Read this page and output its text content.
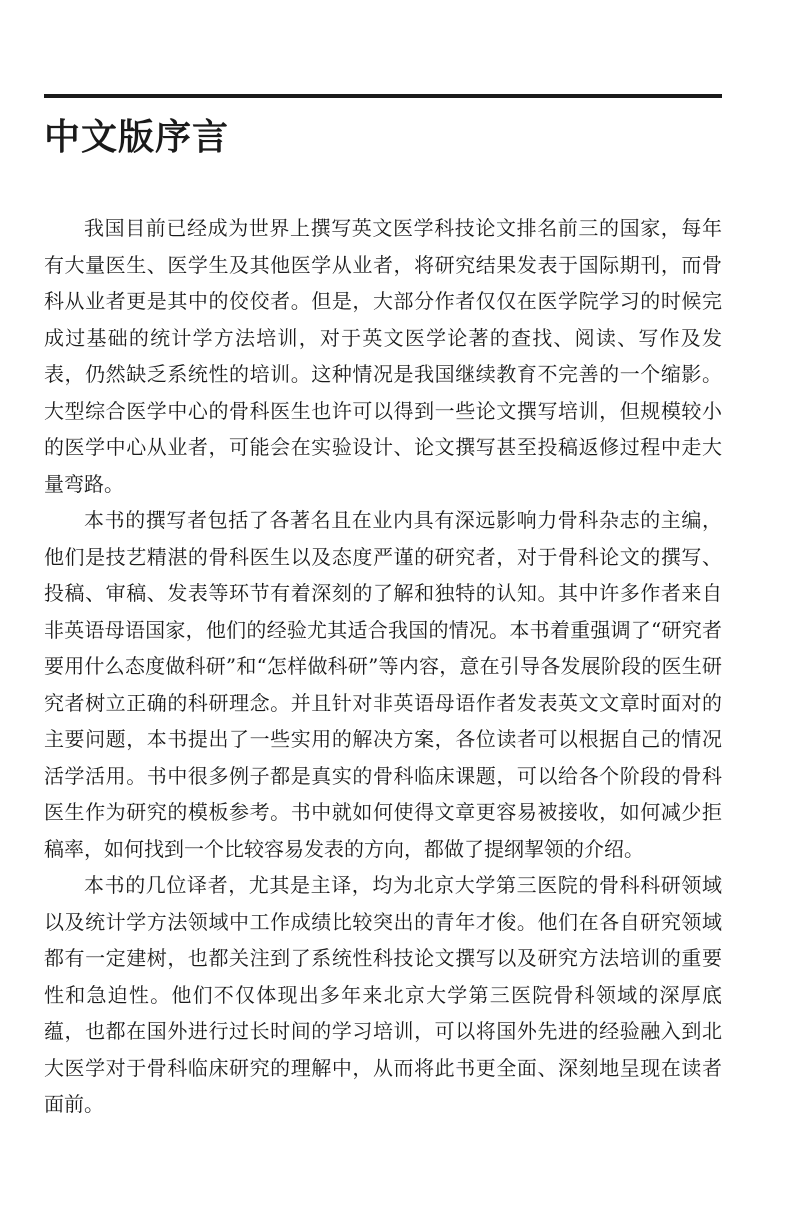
中文版序言

我国目前已经成为世界上撰写英文医学科技论文排名前三的国家，每年有大量医生、医学生及其他医学从业者，将研究结果发表于国际期刊，而骨科从业者更是其中的佼佼者。但是，大部分作者仅仅在医学院学习的时候完成过基础的统计学方法培训，对于英文医学论著的查找、阅读、写作及发表，仍然缺乏系统性的培训。这种情况是我国继续教育不完善的一个缩影。大型综合医学中心的骨科医生也许可以得到一些论文撰写培训，但规模较小的医学中心从业者，可能会在实验设计、论文撰写甚至投稿返修过程中走大量弯路。

本书的撰写者包括了各著名且在业内具有深远影响力骨科杂志的主编，他们是技艺精湛的骨科医生以及态度严谨的研究者，对于骨科论文的撰写、投稿、审稿、发表等环节有着深刻的了解和独特的认知。其中许多作者来自非英语母语国家，他们的经验尤其适合我国的情况。本书着重强调了“研究者要用什么态度做科研”和“怎样做科研”等内容，意在引导各发展阶段的医生研究者树立正确的科研理念。并且针对非英语母语作者发表英文文章时面对的主要问题，本书提出了一些实用的解决方案，各位读者可以根据自己的情况活学活用。书中很多例子都是真实的骨科临床课题，可以给各个阶段的骨科医生作为研究的模板参考。书中就如何使得文章更容易被接收，如何减少拒稿率，如何找到一个比较容易发表的方向，都做了提纲挈领的介绍。

本书的几位译者，尤其是主译，均为北京大学第三医院的骨科科研领域以及统计学方法领域中工作成绩比较突出的青年才俊。他们在各自研究领域都有一定建树，也都关注到了系统性科技论文撰写以及研究方法培训的重要性和急迫性。他们不仅体现出多年来北京大学第三医院骨科领域的深厚底蕴，也都在国外进行过长时间的学习培训，可以将国外先进的经验融入到北大医学对于骨科临床研究的理解中，从而将此书更全面、深刻地呈现在读者面前。
